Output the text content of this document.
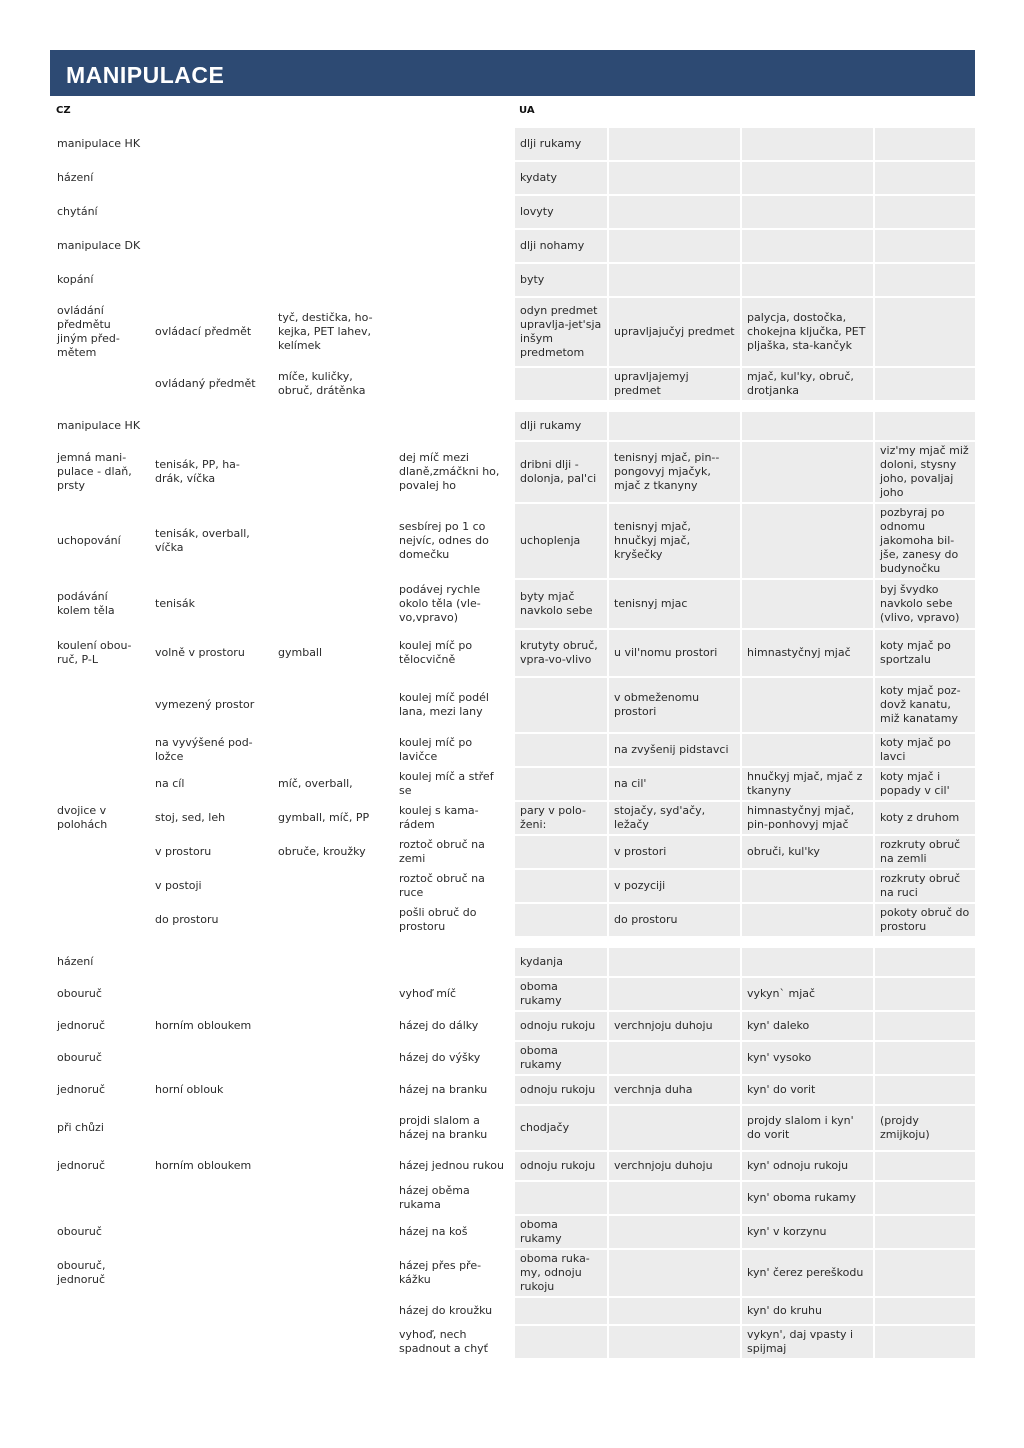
MANIPULACE
CZ	UA
manipulace HK				dlji rukamy			
házení				kydaty			
chytání				lovyty			
manipulace DK				dlji nohamy			
kopání				byty			
ovládání předmětu jiným před-mětem	ovládací předmět	tyč, destička, ho-kejka, PET lahev, kelímek		odyn predmet upravlja-jet'sja inšym predmetom	upravljajučyj predmet	palycja, dostočka, chokejna ključka, PET pljaška, sta-kančyk	
	ovládaný předmět	míče, kuličky, obruč, drátěnka			upravljajemyj predmet	mjač, kul'ky, obruč, drotjanka	

manipulace HK				dlji rukamy			
jemná mani-pulace - dlaň, prsty	tenisák, PP, ha-drák, víčka		dej míč mezi dlaně,zmáčkni ho, povalej ho	dribni dlji - dolonja, pal'ci	tenisnyj mjač, pin--pongovyj mjačyk, mjač z tkanyny		viz'my mjač miž doloni, stysny joho, povaljaj joho
uchopování	tenisák, overball, víčka		sesbírej po 1 co nejvíc, odnes do domečku	uchoplenja	tenisnyj mjač, hnučkyj mjač, kryšečky		pozbyraj po odnomu jakomoha bil-jše, zanesy do budynočku
podávání kolem těla	tenisák		podávej rychle okolo těla (vle-vo,vpravo)	byty mjač navkolo sebe	tenisnyj mjac		byj švydko navkolo sebe (vlivo, vpravo)
koulení obou-ruč, P-L	volně v prostoru	gymball	koulej míč po tělocvičně	krutyty obruč, vpra-vo-vlivo	u vil'nomu prostori	himnastyčnyj mjač	koty mjač po sportzalu
	vymezený prostor		koulej míč podél lana, mezi lany		v obmeženomu prostori		koty mjač poz-dovž kanatu, miž kanatamy
	na vyvýšené pod-ložce		koulej míč po lavičce		na zvyšenij pidstavci		koty mjač po lavci
	na cíl	míč, overball,	koulej míč a střef se		na cil'	hnučkyj mjač, mjač z tkanyny	koty mjač i popady v cil'
dvojice v polohách	stoj, sed, leh	gymball, míč, PP	koulej s kama-rádem	pary v polo-ženi:	stojačy, syd'ačy, ležačy	himnastyčnyj mjač, pin-ponhovyj mjač	koty z druhom
	v prostoru	obruče, kroužky	roztoč obruč na zemi		v prostori	obruči, kul'ky	rozkruty obruč na zemli
	v postoji		roztoč obruč na ruce		v pozyciji		rozkruty obruč na ruci
	do prostoru		pošli obruč do prostoru		do prostoru		pokoty obruč do prostoru

házení				kydanja			
obouruč			vyhoď míč	oboma rukamy		vykyn` mjač	
jednoruč	horním obloukem		házej do dálky	odnoju rukoju	verchnjoju duhoju	kyn' daleko	
obouruč			házej do výšky	oboma rukamy		kyn' vysoko	
jednoruč	horní oblouk		házej na branku	odnoju rukoju	verchnja duha	kyn' do vorit	
při chůzi			projdi slalom a házej na branku	chodjačy		projdy slalom i kyn' do vorit	(projdy zmijkoju)
jednoruč	horním obloukem		házej jednou rukou	odnoju rukoju	verchnjoju duhoju	kyn' odnoju rukoju	
			házej oběma rukama			kyn' oboma rukamy	
obouruč			házej na koš	oboma rukamy		kyn' v korzynu	
obouruč, jednoruč			házej přes pře-kážku	oboma ruka-my, odnoju rukoju		kyn' čerez pereškodu	
			házej do kroužku			kyn' do kruhu	
			vyhoď, nech spadnout a chyť			vykyn', daj vpasty i spijmaj	
